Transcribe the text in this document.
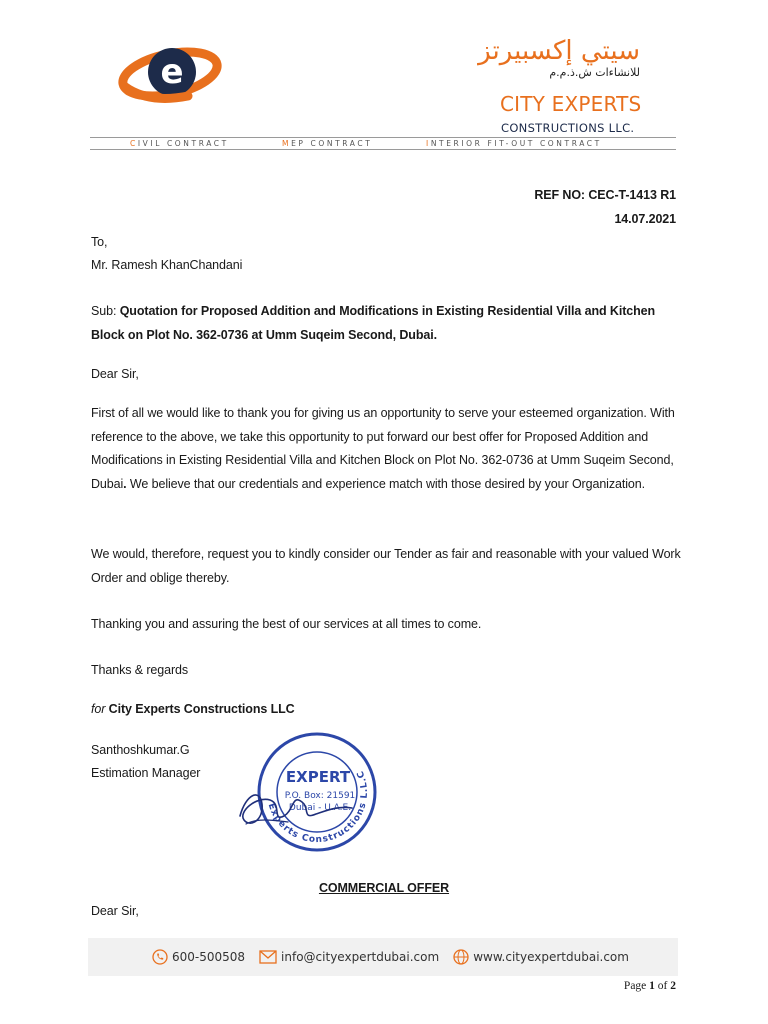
e
سيتي إكسبيرتز
للانشاءات ش.ذ.م.م
CITY EXPERTS
CONSTRUCTIONS LLC.
CIVIL CONTRACT	MEP CONTRACT	INTERIOR FIT-OUT CONTRACT
REF NO: CEC-T-1413 R1
14.07.2021
To,
Mr. Ramesh KhanChandani
Sub: Quotation for Proposed Addition and Modifications in Existing Residential Villa and Kitchen Block on Plot No. 362-0736 at Umm Suqeim Second, Dubai.
Dear Sir,
First of all we would like to thank you for giving us an opportunity to serve your esteemed organization. With reference to the above, we take this opportunity to put forward our best offer for Proposed Addition and Modifications in Existing Residential Villa and Kitchen Block on Plot No. 362-0736 at Umm Suqeim Second, Dubai. We believe that our credentials and experience match with those desired by your Organization.
We would, therefore, request you to kindly consider our Tender as fair and reasonable with your valued Work Order and oblige thereby.
Thanking you and assuring the best of our services at all times to come.
Thanks & regards
for City Experts Constructions LLC
Santhoshkumar.G
Estimation Manager
Experts Constructions L.L.C
EXPERT
P.O. Box: 21591
Dubai - U.A.E.
COMMERCIAL OFFER
Dear Sir,
600-500508	info@cityexpertdubai.com	www.cityexpertdubai.com
Page 1 of 2
